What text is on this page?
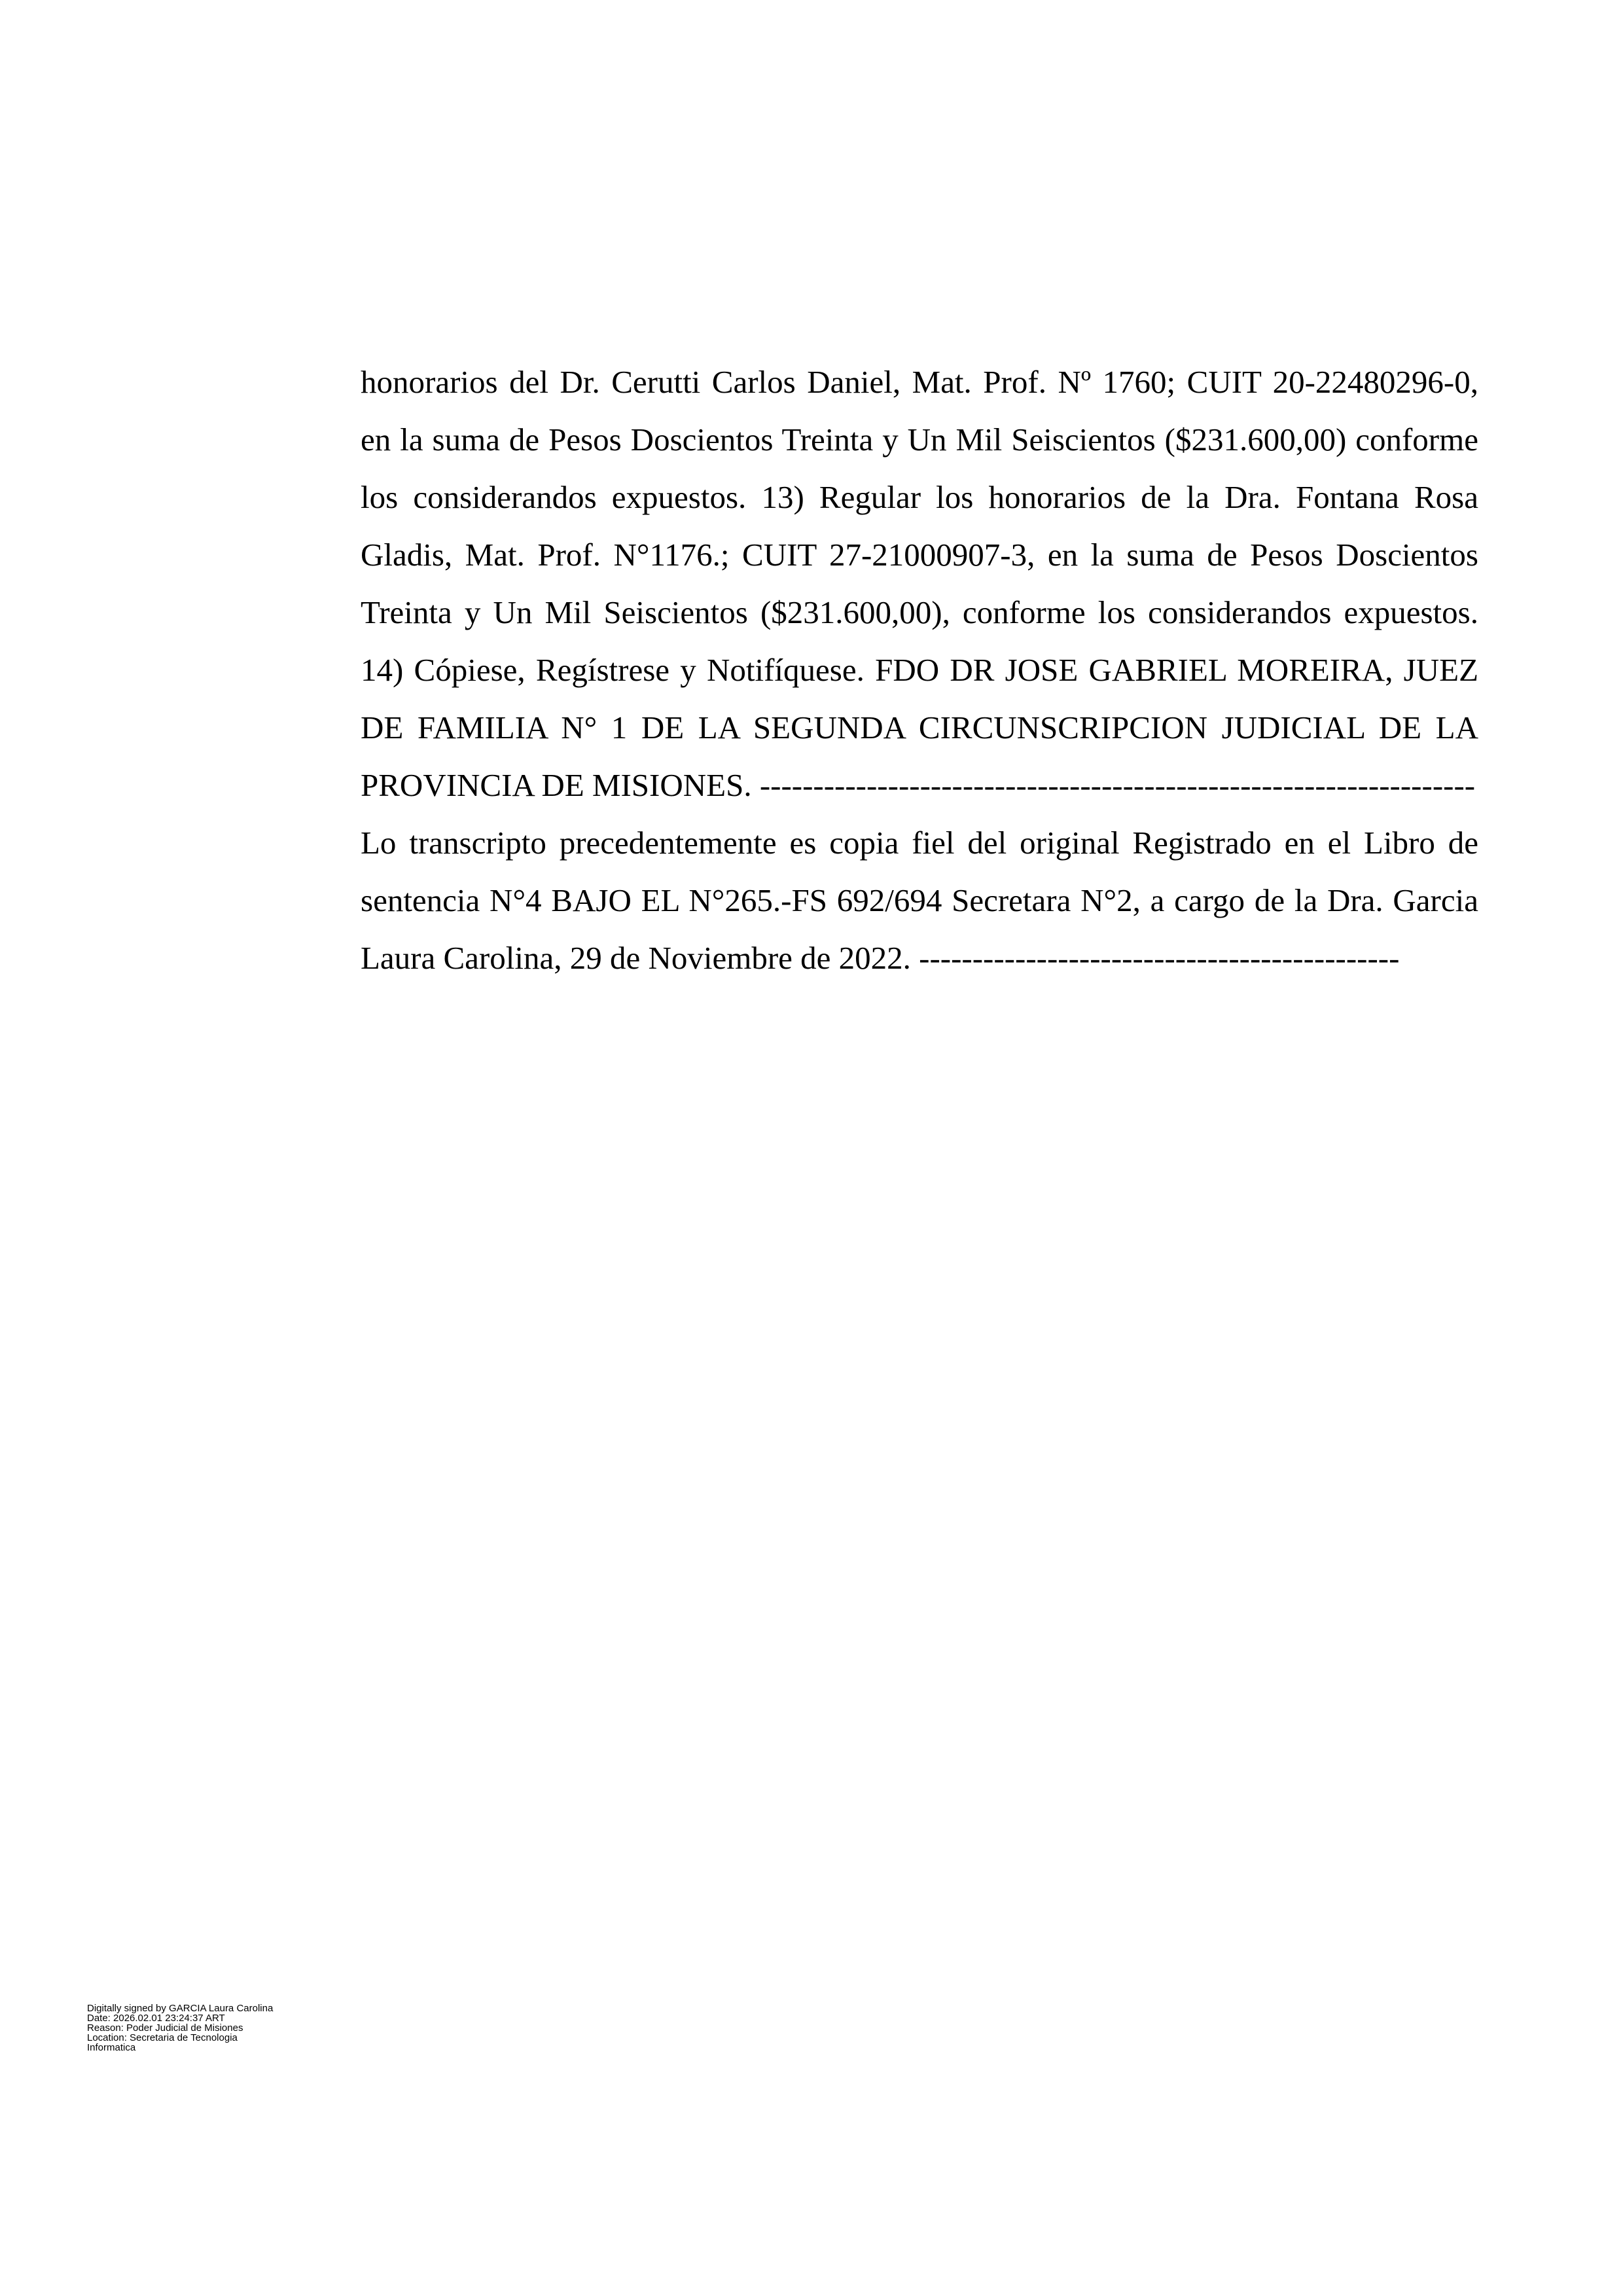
honorarios del Dr. Cerutti Carlos Daniel, Mat. Prof. Nº 1760; CUIT 20-22480296-0,
en la suma de Pesos Doscientos Treinta y Un Mil Seiscientos ($231.600,00) conforme
los considerandos expuestos. 13) Regular los honorarios de la Dra. Fontana Rosa
Gladis, Mat. Prof. N°1176.; CUIT 27-21000907-3, en la suma de Pesos Doscientos
Treinta y Un Mil Seiscientos ($231.600,00), conforme los considerandos expuestos.
14) Cópiese, Regístrese y Notifíquese. FDO DR JOSE GABRIEL MOREIRA, JUEZ
DE FAMILIA N° 1 DE LA SEGUNDA CIRCUNSCRIPCION JUDICIAL DE LA
PROVINCIA DE MISIONES. -------------------------------------------------------------------
Lo transcripto precedentemente es copia fiel del original Registrado en el Libro de
sentencia N°4 BAJO EL N°265.-FS 692/694 Secretara N°2, a cargo de la Dra. Garcia
Laura Carolina, 29 de Noviembre de 2022. ---------------------------------------------
Digitally signed by GARCIA Laura Carolina
Date: 2026.02.01 23:24:37 ART
Reason: Poder Judicial de Misiones
Location: Secretaria de Tecnologia
Informatica
